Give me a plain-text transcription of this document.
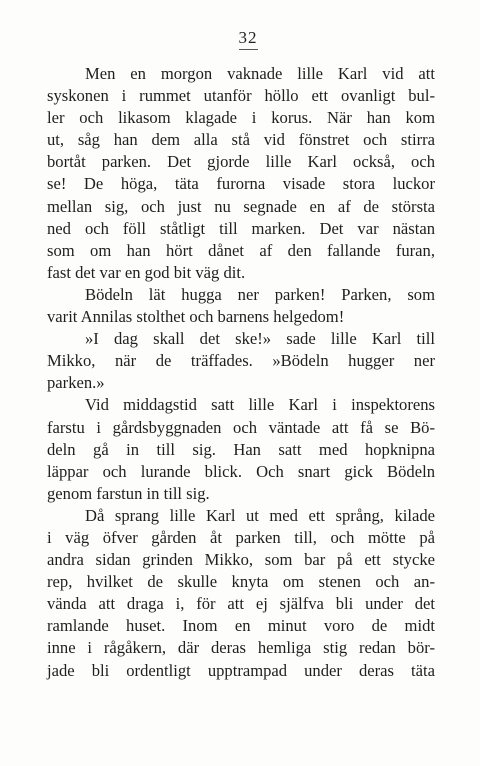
32
Men en morgon vaknade lille Karl vid att
syskonen i rummet utanför höllo ett ovanligt bul-
ler och likasom klagade i korus. När han kom
ut, såg han dem alla stå vid fönstret och stirra
bortåt parken. Det gjorde lille Karl också, och
se! De höga, täta furorna visade stora luckor
mellan sig, och just nu segnade en af de största
ned och föll ståtligt till marken. Det var nästan
som om han hört dånet af den fallande furan,
fast det var en god bit väg dit.
Bödeln lät hugga ner parken! Parken, som
varit Annilas stolthet och barnens helgedom!
»I dag skall det ske!» sade lille Karl till
Mikko, när de träffades. »Bödeln hugger ner
parken.»
Vid middagstid satt lille Karl i inspektorens
farstu i gårdsbyggnaden och väntade att få se Bö-
deln gå in till sig. Han satt med hopknipna
läppar och lurande blick. Och snart gick Bödeln
genom farstun in till sig.
Då sprang lille Karl ut med ett språng, kilade
i väg öfver gården åt parken till, och mötte på
andra sidan grinden Mikko, som bar på ett stycke
rep, hvilket de skulle knyta om stenen och an-
vända att draga i, för att ej själfva bli under det
ramlande huset. Inom en minut voro de midt
inne i rågåkern, där deras hemliga stig redan bör-
jade bli ordentligt upptrampad under deras täta
